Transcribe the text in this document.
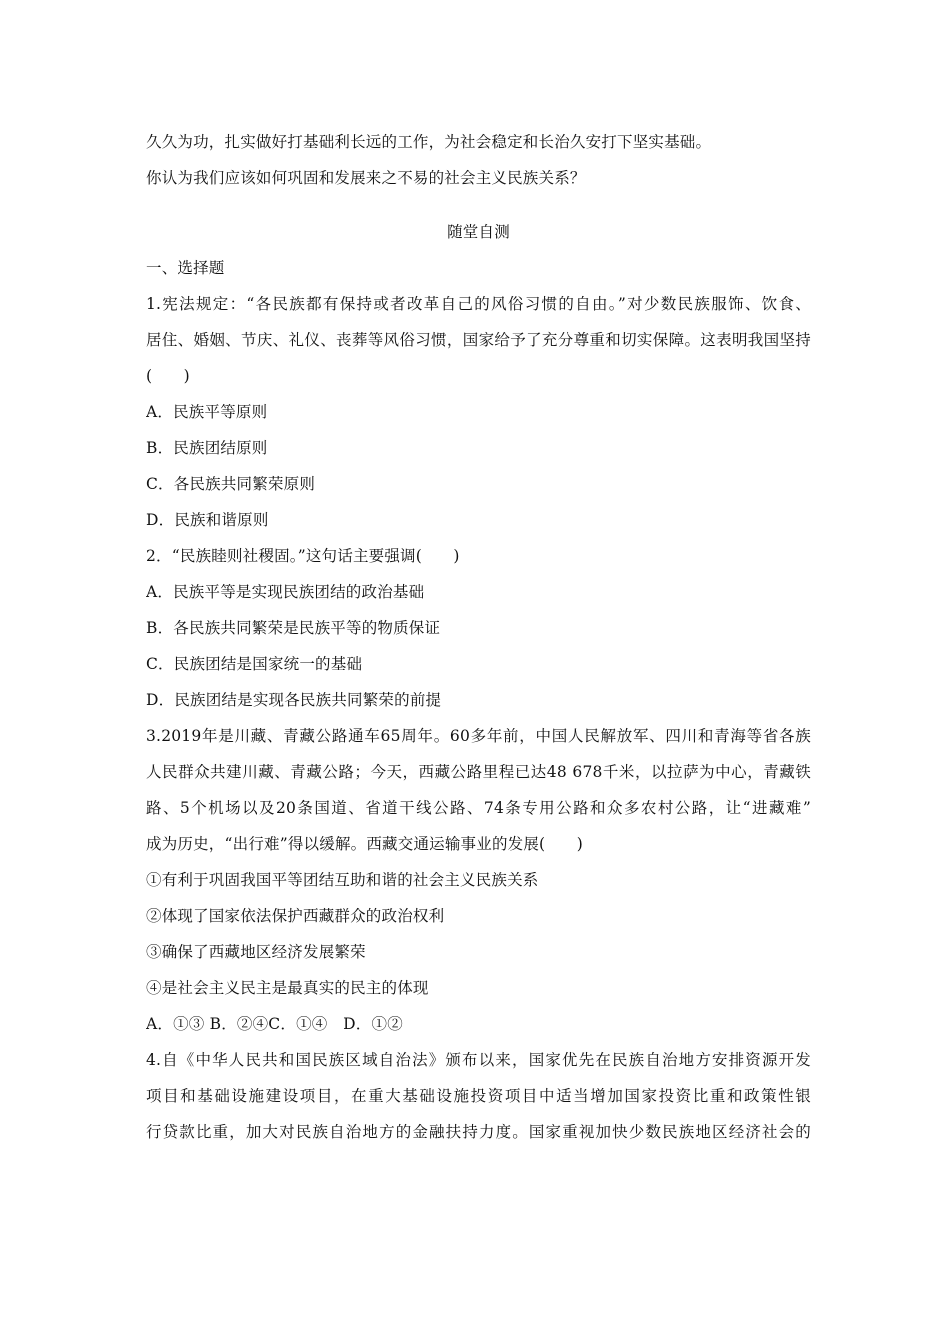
久久为功，扎实做好打基础利长远的工作，为社会稳定和长治久安打下坚实基础。
你认为我们应该如何巩固和发展来之不易的社会主义民族关系？
随堂自测
一、选择题
1.宪法规定：“各民族都有保持或者改革自己的风俗习惯的自由。”对少数民族服饰、饮食、
居住、婚姻、节庆、礼仪、丧葬等风俗习惯，国家给予了充分尊重和切实保障。这表明我国坚持
(　　)
A．民族平等原则
B．民族团结原则
C．各民族共同繁荣原则
D．民族和谐原则
2．“民族睦则社稷固。”这句话主要强调(　　)
A．民族平等是实现民族团结的政治基础
B．各民族共同繁荣是民族平等的物质保证
C．民族团结是国家统一的基础
D．民族团结是实现各民族共同繁荣的前提
3.2019年是川藏、青藏公路通车65周年。60多年前，中国人民解放军、四川和青海等省各族
人民群众共建川藏、青藏公路；今天，西藏公路里程已达48 678千米，以拉萨为中心，青藏铁
路、5个机场以及20条国道、省道干线公路、74条专用公路和众多农村公路，让“进藏难”
成为历史，“出行难”得以缓解。西藏交通运输事业的发展(　　)
①有利于巩固我国平等团结互助和谐的社会主义民族关系
②体现了国家依法保护西藏群众的政治权利
③确保了西藏地区经济发展繁荣
④是社会主义民主是最真实的民主的体现
A．①③ B．②④C．①④　D．①②
4.自《中华人民共和国民族区域自治法》颁布以来，国家优先在民族自治地方安排资源开发
项目和基础设施建设项目，在重大基础设施投资项目中适当增加国家投资比重和政策性银
行贷款比重，加大对民族自治地方的金融扶持力度。国家重视加快少数民族地区经济社会的
